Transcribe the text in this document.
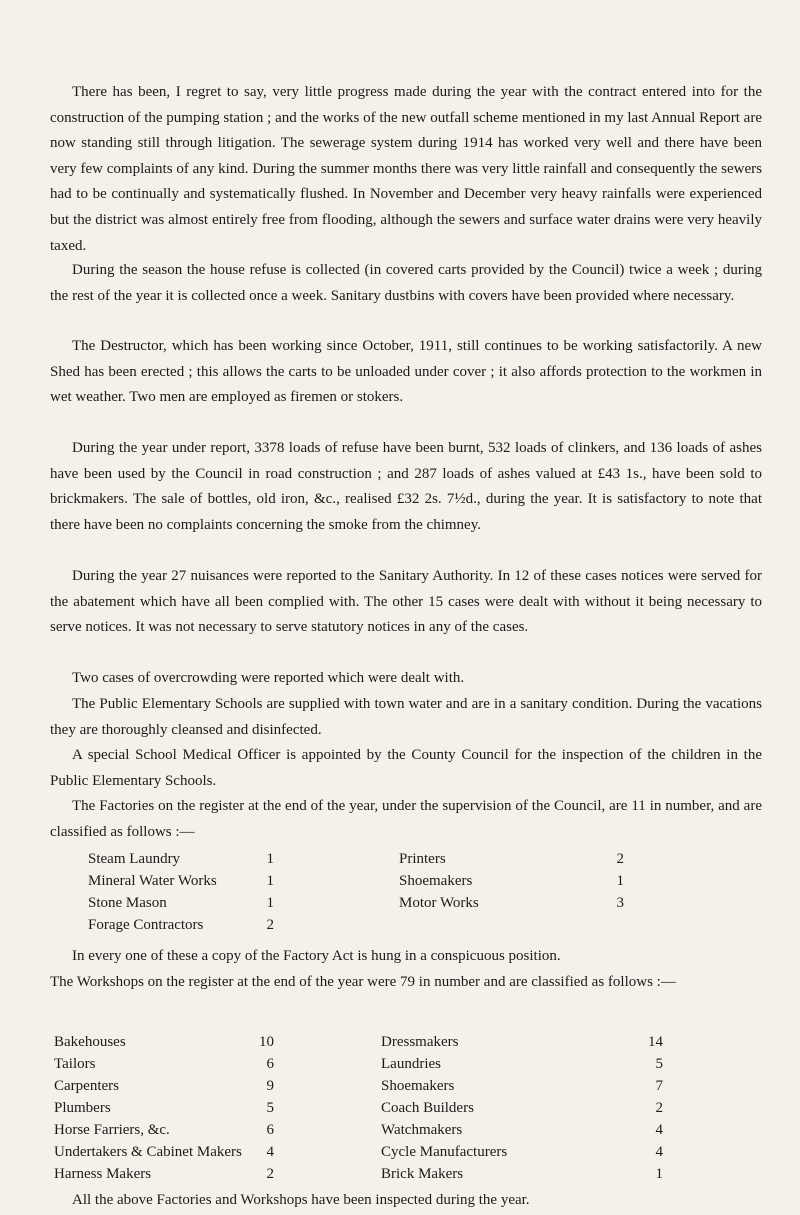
There has been, I regret to say, very little progress made during the year with the contract entered into for the construction of the pumping station ; and the works of the new outfall scheme mentioned in my last Annual Report are now standing still through litigation. The sewerage system during 1914 has worked very well and there have been very few complaints of any kind. During the summer months there was very little rainfall and consequently the sewers had to be continually and systematically flushed. In November and December very heavy rainfalls were experienced but the district was almost entirely free from flooding, although the sewers and surface water drains were very heavily taxed.

During the season the house refuse is collected (in covered carts provided by the Council) twice a week ; during the rest of the year it is collected once a week. Sanitary dustbins with covers have been provided where necessary.

The Destructor, which has been working since October, 1911, still continues to be working satisfactorily. A new Shed has been erected ; this allows the carts to be unloaded under cover ; it also affords protection to the workmen in wet weather. Two men are employed as firemen or stokers.

During the year under report, 3378 loads of refuse have been burnt, 532 loads of clinkers, and 136 loads of ashes have been used by the Council in road construction ; and 287 loads of ashes valued at £43 1s., have been sold to brickmakers. The sale of bottles, old iron, &c., realised £32 2s. 7½d., during the year. It is satisfactory to note that there have been no complaints concerning the smoke from the chimney.

During the year 27 nuisances were reported to the Sanitary Authority. In 12 of these cases notices were served for the abatement which have all been complied with. The other 15 cases were dealt with without it being necessary to serve notices. It was not necessary to serve statutory notices in any of the cases.

Two cases of overcrowding were reported which were dealt with.

The Public Elementary Schools are supplied with town water and are in a sanitary condition. During the vacations they are thoroughly cleansed and disinfected.

A special School Medical Officer is appointed by the County Council for the inspection of the children in the Public Elementary Schools.

The Factories on the register at the end of the year, under the supervision of the Council, are 11 in number, and are classified as follows :—

Steam Laundry	1	Printers	2
Mineral Water Works	1	Shoemakers	1
Stone Mason	1	Motor Works	3
Forage Contractors	2

In every one of these a copy of the Factory Act is hung in a conspicuous position.

The Workshops on the register at the end of the year were 79 in number and are classified as follows :—

Bakehouses	10	Dressmakers	14
Tailors	6	Laundries	5
Carpenters	9	Shoemakers	7
Plumbers	5	Coach Builders	2
Horse Farriers, &c.	6	Watchmakers	4
Undertakers & Cabinet Makers	4	Cycle Manufacturers	4
Harness Makers	2	Brick Makers	1

All the above Factories and Workshops have been inspected during the year.
